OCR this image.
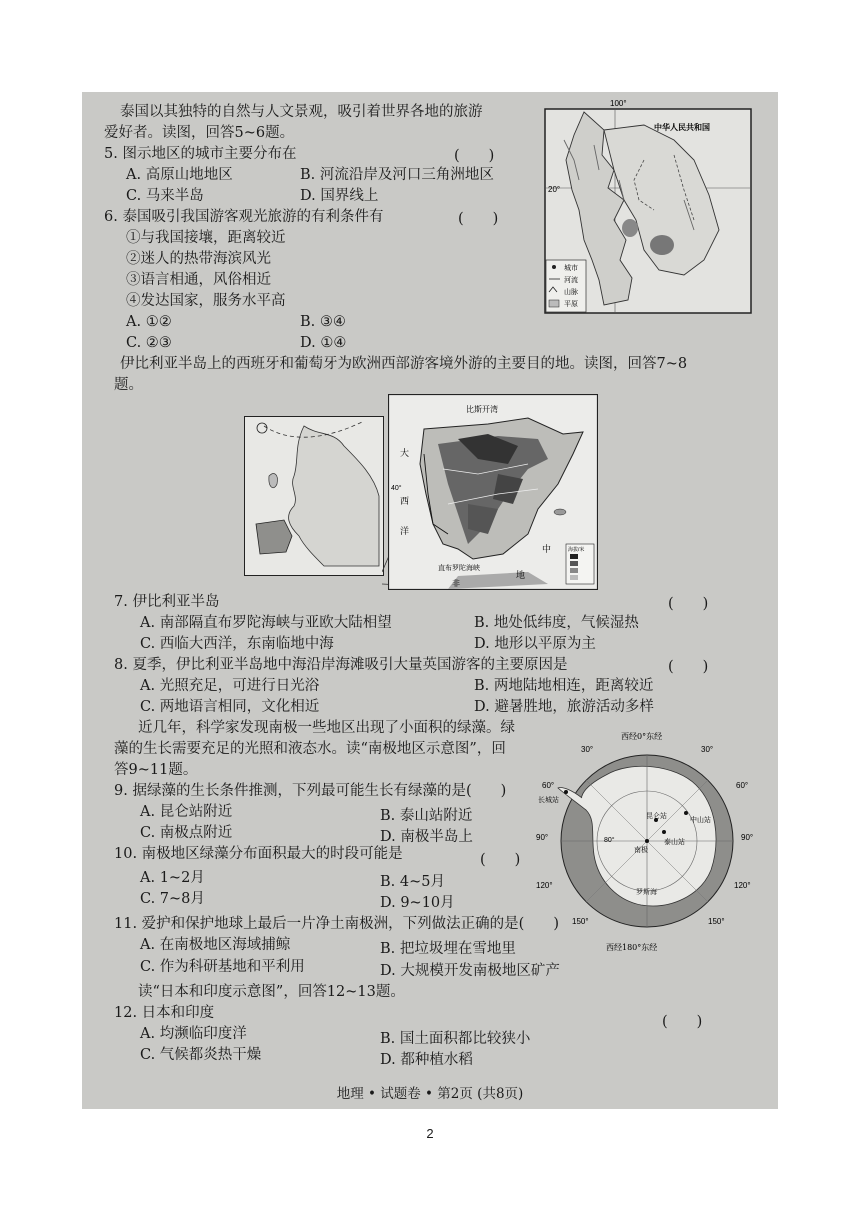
泰国以其独特的自然与人文景观，吸引着世界各地的旅游
爱好者。读图，回答5~6题。
5. 图示地区的城市主要分布在	(　　)
A. 高原山地地区	B. 河流沿岸及河口三角洲地区
C. 马来半岛	D. 国界线上
6. 泰国吸引我国游客观光旅游的有利条件有	(　　)
①与我国接壤，距离较近
②迷人的热带海滨风光
③语言相通，风俗相近
④发达国家，服务水平高
A. ①②	B. ③④
C. ②③	D. ①④
100°
20°
中华人民共和国
城市
河流
山脉
平原
伊比利亚半岛上的西班牙和葡萄牙为欧洲西部游客境外游的主要目的地。读图，回答7~8
题。
比斯开湾
大
西
洋
40°
中
地
直布罗陀海峡
非
海拔/米
7. 伊比利亚半岛	(　　)
A. 南部隔直布罗陀海峡与亚欧大陆相望	B. 地处低纬度，气候湿热
C. 西临大西洋，东南临地中海	D. 地形以平原为主
8. 夏季，伊比利亚半岛地中海沿岸海滩吸引大量英国游客的主要原因是	(　　)
A. 光照充足，可进行日光浴	B. 两地陆地相连，距离较近
C. 两地语言相同，文化相近	D. 避暑胜地，旅游活动多样
近几年，科学家发现南极一些地区出现了小面积的绿藻。绿
藻的生长需要充足的光照和液态水。读“南极地区示意图”，回
答9~11题。
9. 据绿藻的生长条件推测，下列最可能生长有绿藻的是(　　)
A. 昆仑站附近	B. 泰山站附近
C. 南极点附近	D. 南极半岛上
10. 南极地区绿藻分布面积最大的时段可能是	(　　)
A. 1~2月	B. 4~5月
C. 7~8月	D. 9~10月
11. 爱护和保护地球上最后一片净土南极洲，下列做法正确的是(　　)
A. 在南极地区海域捕鲸	B. 把垃圾埋在雪地里
C. 作为科研基地和平利用	D. 大规模开发南极地区矿产
读“日本和印度示意图”，回答12~13题。
12. 日本和印度
(　　)
A. 均濒临印度洋	B. 国土面积都比较狭小
C. 气候都炎热干燥	D. 都种植水稻
西经0°东经
西经180°东经
30°	30°
60°	60°
90°	90°
120°	120°
150°	150°
长城站
昆仑站	中山站
泰山站
南极
80°
罗斯海
地理 • 试题卷 • 第2页 (共8页)
2
